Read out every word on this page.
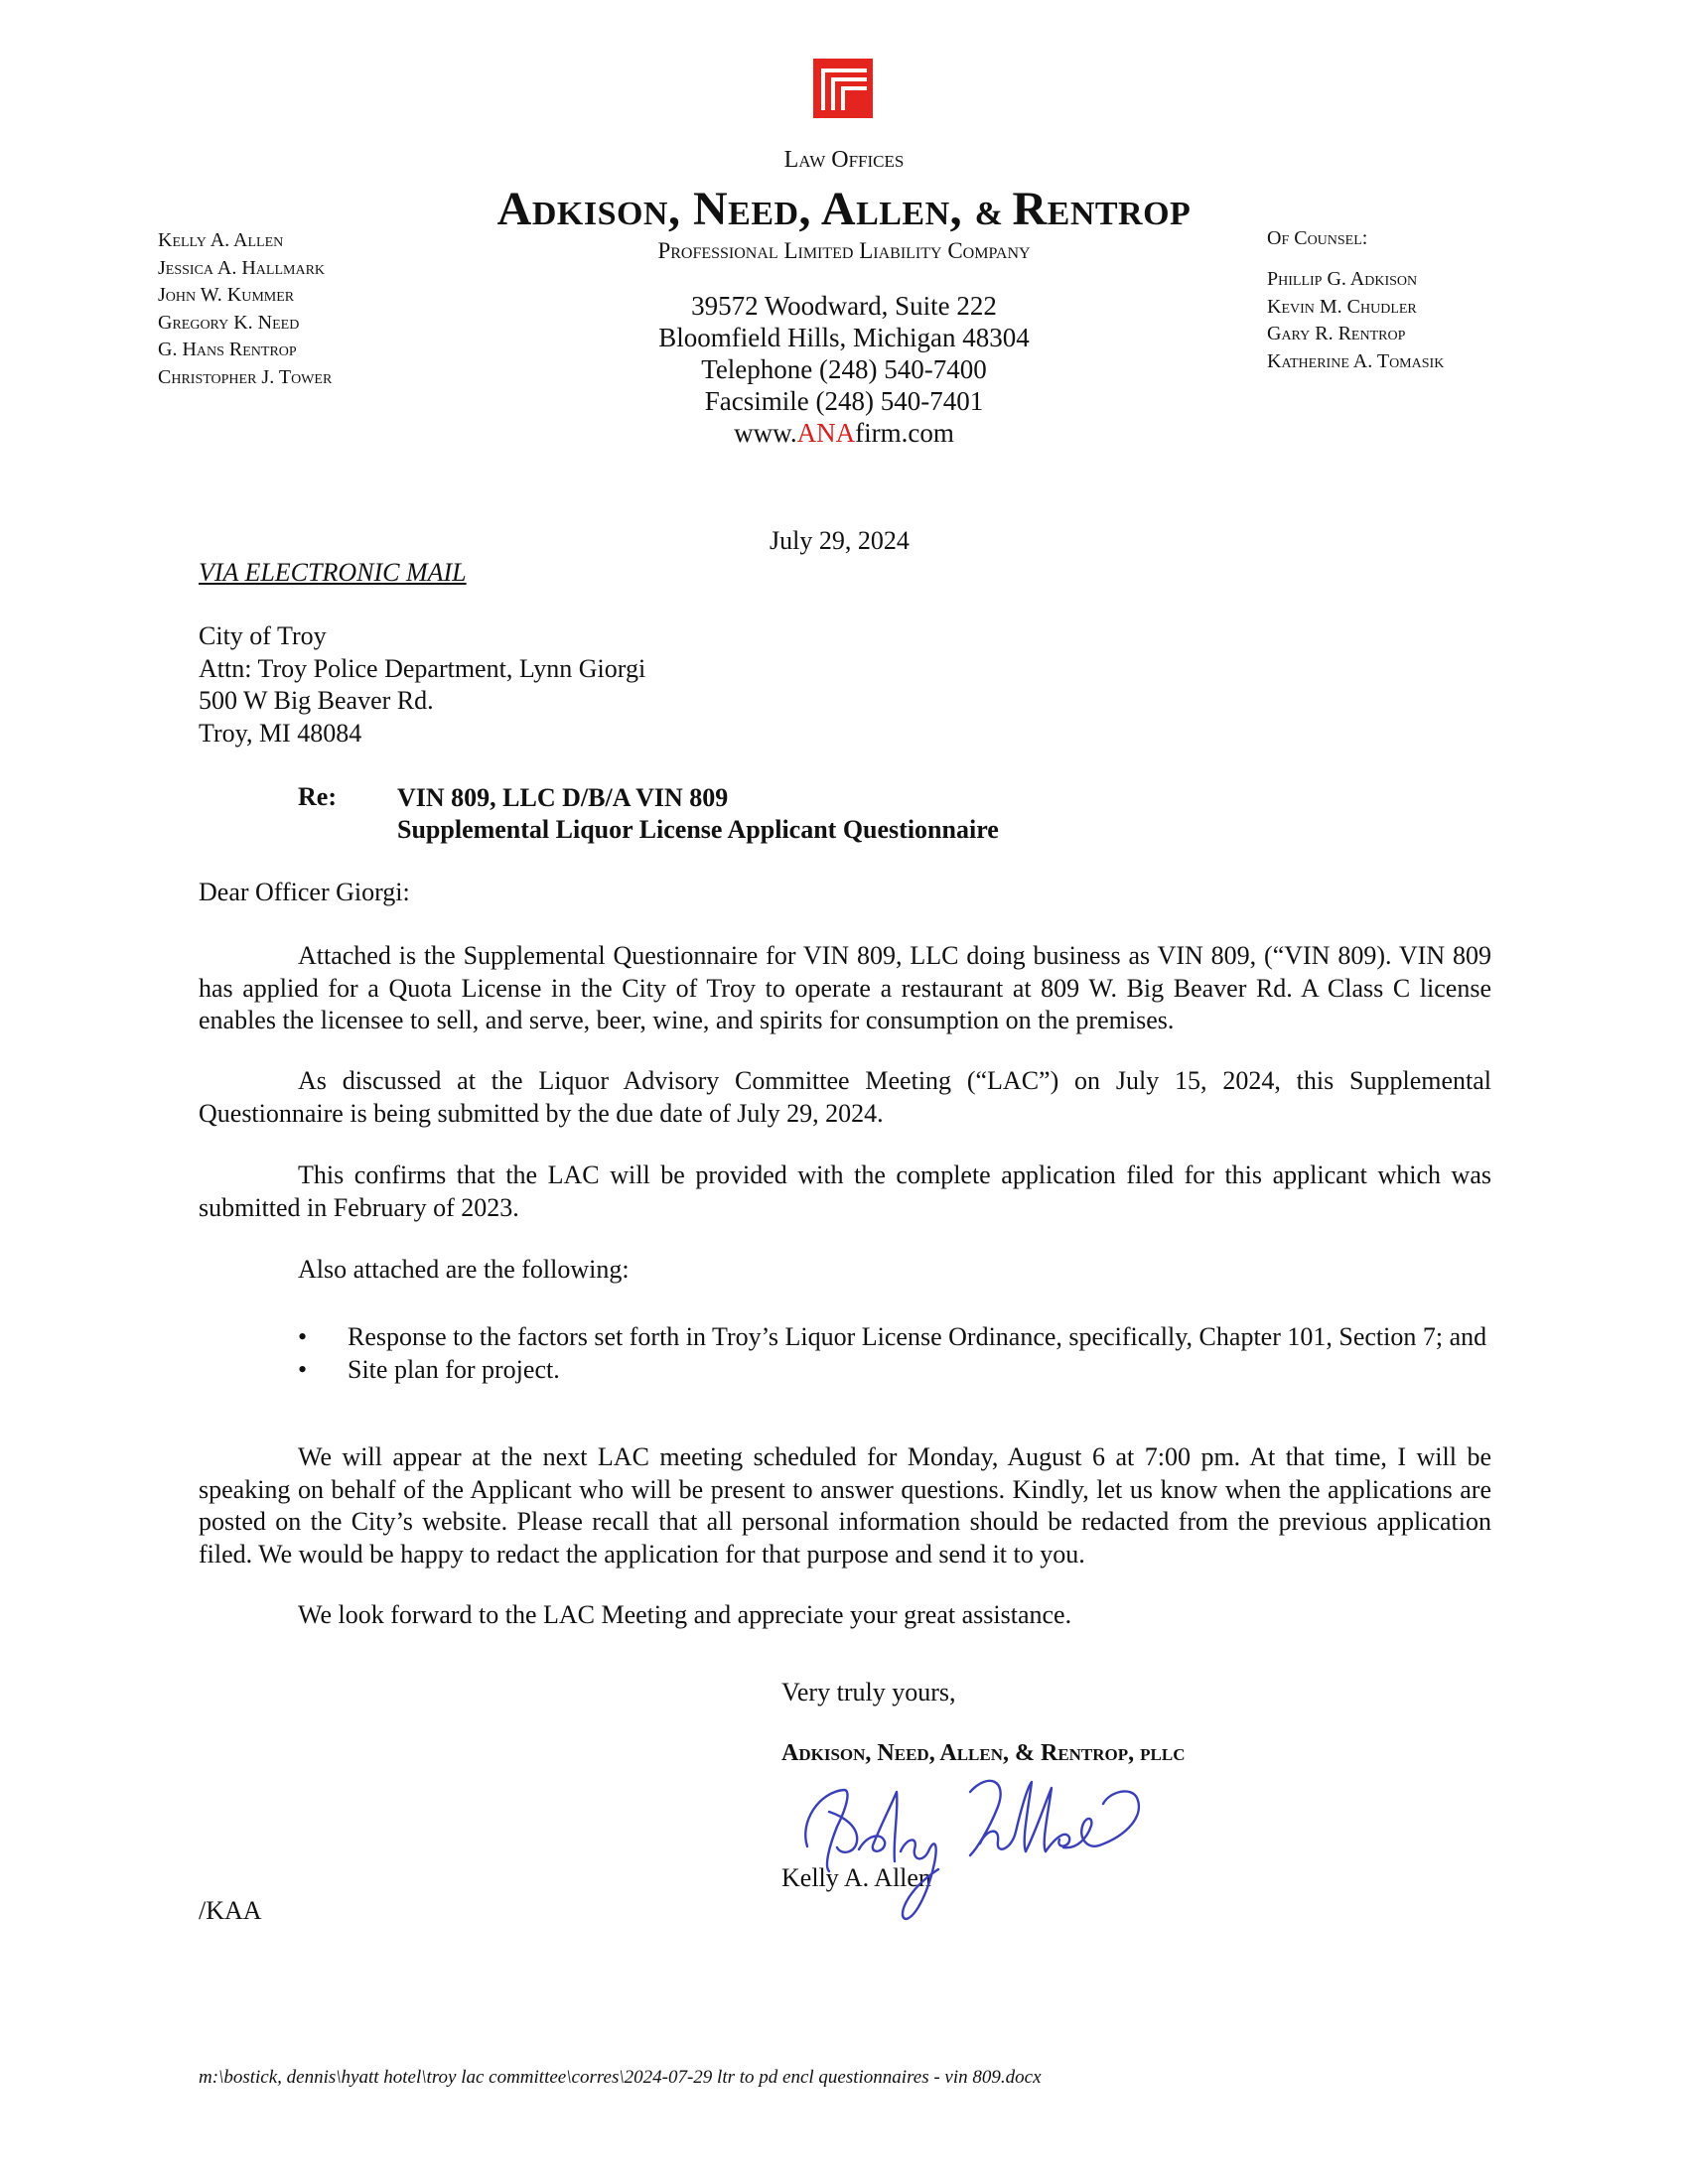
Law Offices
Adkison, Need, Allen, & Rentrop
Professional Limited Liability Company
39572 Woodward, Suite 222
Bloomfield Hills, Michigan 48304
Telephone (248) 540-7400
Facsimile (248) 540-7401
www.ANAfirm.com
Kelly A. Allen
Jessica A. Hallmark
John W. Kummer
Gregory K. Need
G. Hans Rentrop
Christopher J. Tower
Of Counsel:
Phillip G. Adkison
Kevin M. Chudler
Gary R. Rentrop
Katherine A. Tomasik
July 29, 2024
VIA ELECTRONIC MAIL
City of Troy
Attn: Troy Police Department, Lynn Giorgi
500 W Big Beaver Rd.
Troy, MI 48084
Re: VIN 809, LLC D/B/A VIN 809
Supplemental Liquor License Applicant Questionnaire
Dear Officer Giorgi:
Attached is the Supplemental Questionnaire for VIN 809, LLC doing business as VIN 809, (“VIN 809). VIN 809 has applied for a Quota License in the City of Troy to operate a restaurant at 809 W. Big Beaver Rd. A Class C license enables the licensee to sell, and serve, beer, wine, and spirits for consumption on the premises.
As discussed at the Liquor Advisory Committee Meeting (“LAC”) on July 15, 2024, this Supplemental Questionnaire is being submitted by the due date of July 29, 2024.
This confirms that the LAC will be provided with the complete application filed for this applicant which was submitted in February of 2023.
Also attached are the following:
• Response to the factors set forth in Troy’s Liquor License Ordinance, specifically, Chapter 101, Section 7; and
• Site plan for project.
We will appear at the next LAC meeting scheduled for Monday, August 6 at 7:00 pm. At that time, I will be speaking on behalf of the Applicant who will be present to answer questions. Kindly, let us know when the applications are posted on the City’s website. Please recall that all personal information should be redacted from the previous application filed. We would be happy to redact the application for that purpose and send it to you.
We look forward to the LAC Meeting and appreciate your great assistance.
Very truly yours,
Adkison, Need, Allen, & Rentrop, pllc
Kelly A. Allen
/KAA
m:\bostick, dennis\hyatt hotel\troy lac committee\corres\2024-07-29 ltr to pd encl questionnaires - vin 809.docx
